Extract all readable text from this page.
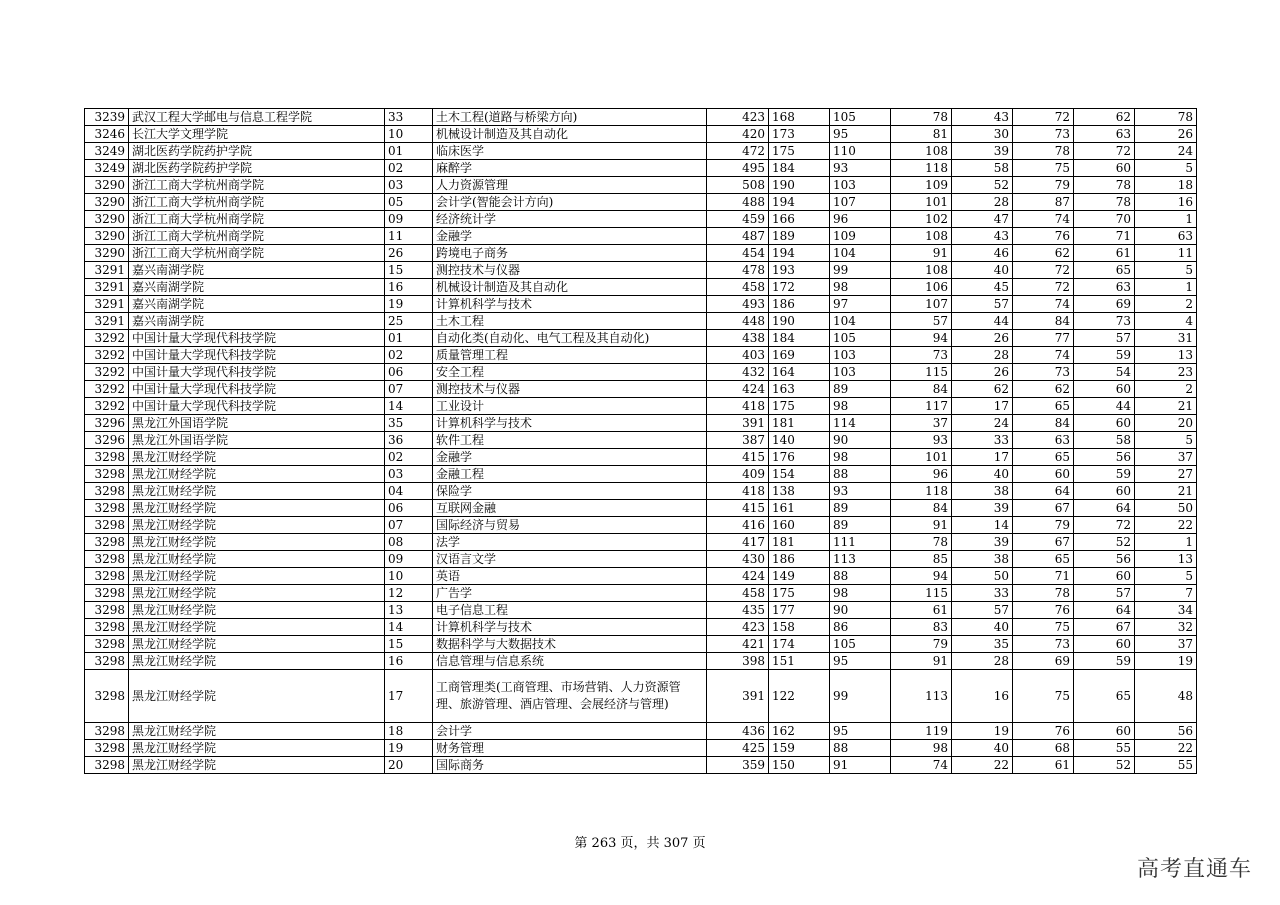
3239	武汉工程大学邮电与信息工程学院	33	土木工程(道路与桥梁方向)	423	168	105	78	43	72	62	78
3246	长江大学文理学院	10	机械设计制造及其自动化	420	173	95	81	30	73	63	26
3249	湖北医药学院药护学院	01	临床医学	472	175	110	108	39	78	72	24
3249	湖北医药学院药护学院	02	麻醉学	495	184	93	118	58	75	60	5
3290	浙江工商大学杭州商学院	03	人力资源管理	508	190	103	109	52	79	78	18
3290	浙江工商大学杭州商学院	05	会计学(智能会计方向)	488	194	107	101	28	87	78	16
3290	浙江工商大学杭州商学院	09	经济统计学	459	166	96	102	47	74	70	1
3290	浙江工商大学杭州商学院	11	金融学	487	189	109	108	43	76	71	63
3290	浙江工商大学杭州商学院	26	跨境电子商务	454	194	104	91	46	62	61	11
3291	嘉兴南湖学院	15	测控技术与仪器	478	193	99	108	40	72	65	5
3291	嘉兴南湖学院	16	机械设计制造及其自动化	458	172	98	106	45	72	63	1
3291	嘉兴南湖学院	19	计算机科学与技术	493	186	97	107	57	74	69	2
3291	嘉兴南湖学院	25	土木工程	448	190	104	57	44	84	73	4
3292	中国计量大学现代科技学院	01	自动化类(自动化、电气工程及其自动化)	438	184	105	94	26	77	57	31
3292	中国计量大学现代科技学院	02	质量管理工程	403	169	103	73	28	74	59	13
3292	中国计量大学现代科技学院	06	安全工程	432	164	103	115	26	73	54	23
3292	中国计量大学现代科技学院	07	测控技术与仪器	424	163	89	84	62	62	60	2
3292	中国计量大学现代科技学院	14	工业设计	418	175	98	117	17	65	44	21
3296	黑龙江外国语学院	35	计算机科学与技术	391	181	114	37	24	84	60	20
3296	黑龙江外国语学院	36	软件工程	387	140	90	93	33	63	58	5
3298	黑龙江财经学院	02	金融学	415	176	98	101	17	65	56	37
3298	黑龙江财经学院	03	金融工程	409	154	88	96	40	60	59	27
3298	黑龙江财经学院	04	保险学	418	138	93	118	38	64	60	21
3298	黑龙江财经学院	06	互联网金融	415	161	89	84	39	67	64	50
3298	黑龙江财经学院	07	国际经济与贸易	416	160	89	91	14	79	72	22
3298	黑龙江财经学院	08	法学	417	181	111	78	39	67	52	1
3298	黑龙江财经学院	09	汉语言文学	430	186	113	85	38	65	56	13
3298	黑龙江财经学院	10	英语	424	149	88	94	50	71	60	5
3298	黑龙江财经学院	12	广告学	458	175	98	115	33	78	57	7
3298	黑龙江财经学院	13	电子信息工程	435	177	90	61	57	76	64	34
3298	黑龙江财经学院	14	计算机科学与技术	423	158	86	83	40	75	67	32
3298	黑龙江财经学院	15	数据科学与大数据技术	421	174	105	79	35	73	60	37
3298	黑龙江财经学院	16	信息管理与信息系统	398	151	95	91	28	69	59	19
3298	黑龙江财经学院	17	工商管理类(工商管理、市场营销、人力资源管理、旅游管理、酒店管理、会展经济与管理)	391	122	99	113	16	75	65	48
3298	黑龙江财经学院	18	会计学	436	162	95	119	19	76	60	56
3298	黑龙江财经学院	19	财务管理	425	159	88	98	40	68	55	22
3298	黑龙江财经学院	20	国际商务	359	150	91	74	22	61	52	55
第 263 页，共 307 页
高考直通车
